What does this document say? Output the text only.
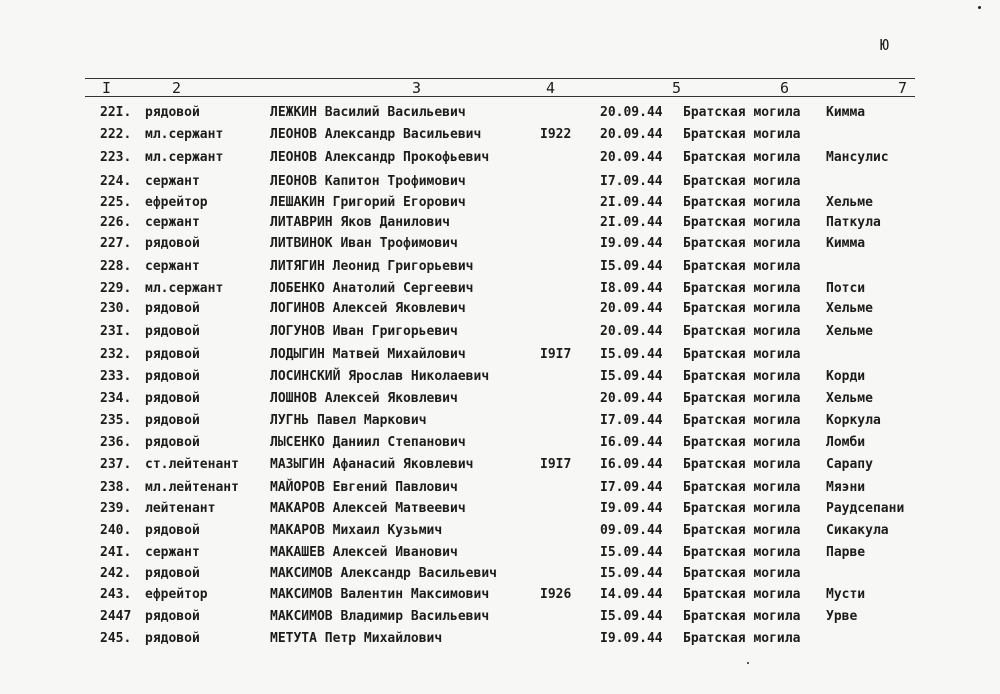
Ю
I	2	3	4	5	6	7
22I. рядовой	ЛЕЖКИН Василий Васильевич	20.09.44 Братская могила Кимма
222. мл.сержант	ЛЕОНОВ Александр Васильевич	I922 20.09.44 Братская могила
223. мл.сержант	ЛЕОНОВ Александр Прокофьевич	20.09.44 Братская могила Мансулис
224. сержант	ЛЕОНОВ Капитон Трофимович	I7.09.44 Братская могила
225. ефрейтор	ЛЕШАКИН Григорий Егорович	2I.09.44 Братская могила Хельме
226. сержант	ЛИТАВРИН Яков Данилович	2I.09.44 Братская могила Паткула
227. рядовой	ЛИТВИНОК Иван Трофимович	I9.09.44 Братская могила Кимма
228. сержант	ЛИТЯГИН Леонид Григорьевич	I5.09.44 Братская могила
229. мл.сержант	ЛОБЕНКО Анатолий Сергеевич	I8.09.44 Братская могила Потси
230. рядовой	ЛОГИНОВ Алексей Яковлевич	20.09.44 Братская могила Хельме
23I. рядовой	ЛОГУНОВ Иван Григорьевич	20.09.44 Братская могила Хельме
232. рядовой	ЛОДЫГИН Матвей Михайлович	I9I7 I5.09.44 Братская могила
233. рядовой	ЛОСИНСКИЙ Ярослав Николаевич	I5.09.44 Братская могила Корди
234. рядовой	ЛОШНОВ Алексей Яковлевич	20.09.44 Братская могила Хельме
235. рядовой	ЛУГНЬ Павел Маркович	I7.09.44 Братская могила Коркула
236. рядовой	ЛЫСЕНКО Даниил Степанович	I6.09.44 Братская могила Ломби
237. ст.лейтенант МАЗЫГИН Афанасий Яковлевич	I9I7 I6.09.44 Братская могила Сарапу
238. мл.лейтенант МАЙОРОВ Евгений Павлович	I7.09.44 Братская могила Мяэни
239. лейтенант	МАКАРОВ Алексей Матвеевич	I9.09.44 Братская могила Раудсепани
240. рядовой	МАКАРОВ Михаил Кузьмич	09.09.44 Братская могила Сикакула
24I. сержант	МАКАШЕВ Алексей Иванович	I5.09.44 Братская могила Парве
242. рядовой	МАКСИМОВ Александр Васильевич	I5.09.44 Братская могила
243. ефрейтор	МАКСИМОВ Валентин Максимович	I926 I4.09.44 Братская могила Мусти
2447 рядовой	МАКСИМОВ Владимир Васильевич	I5.09.44 Братская могила Урве
245. рядовой	МЕТУТА Петр Михайлович	I9.09.44 Братская могила
